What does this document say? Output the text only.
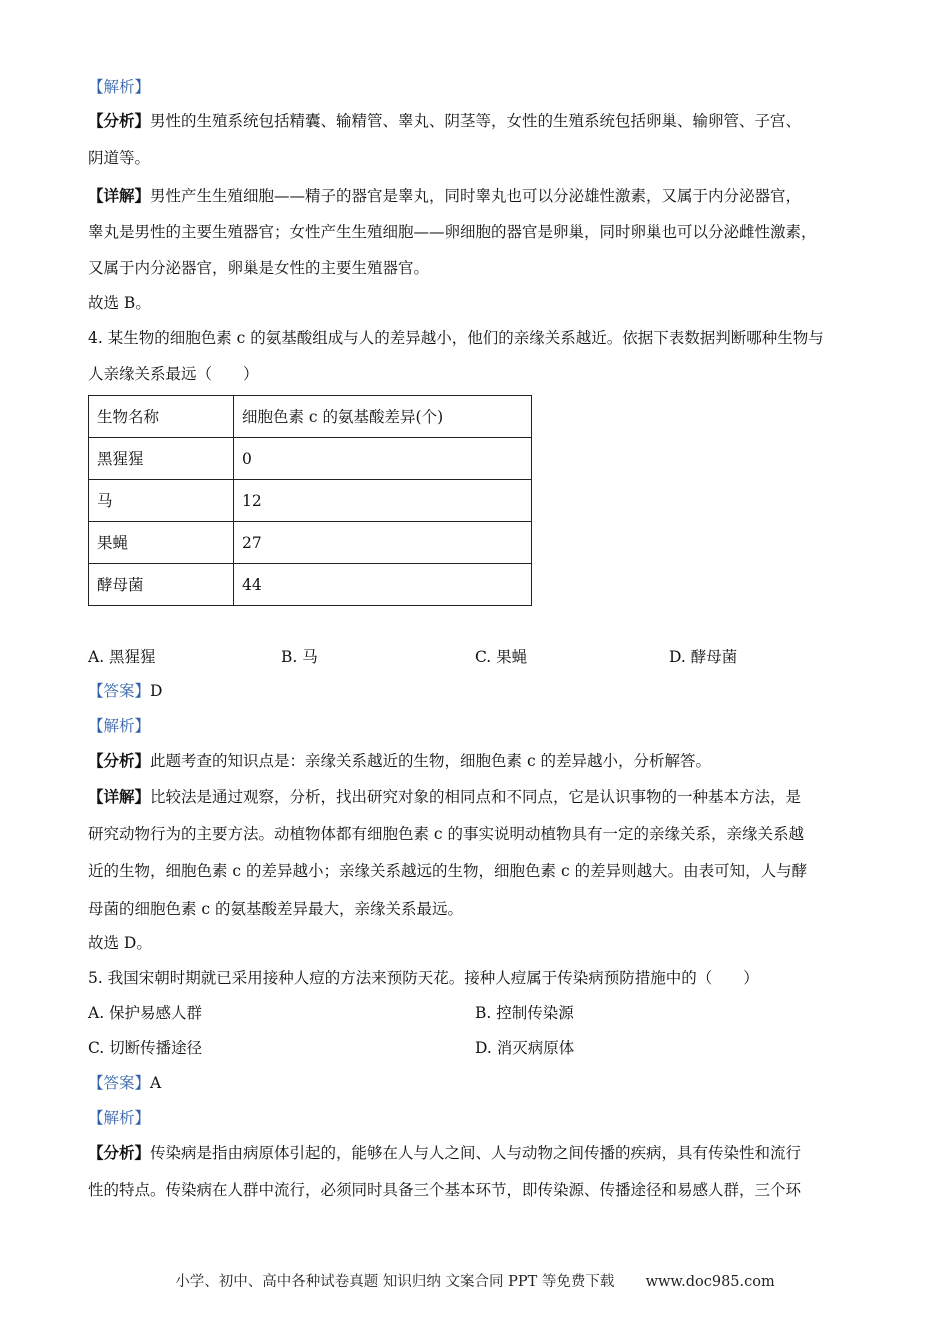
【解析】
【分析】男性的生殖系统包括精囊、输精管、睾丸、阴茎等，女性的生殖系统包括卵巢、输卵管、子宫、
阴道等。
【详解】男性产生生殖细胞——精子的器官是睾丸，同时睾丸也可以分泌雄性激素，又属于内分泌器官，
睾丸是男性的主要生殖器官；女性产生生殖细胞——卵细胞的器官是卵巢，同时卵巢也可以分泌雌性激素，
又属于内分泌器官，卵巢是女性的主要生殖器官。
故选 B。
4. 某生物的细胞色素 c 的氨基酸组成与人的差异越小，他们的亲缘关系越近。依据下表数据判断哪种生物与
人亲缘关系最远（　　）
生物名称	细胞色素 c 的氨基酸差异(个)
黑猩猩	0
马	12
果蝇	27
酵母菌	44
A. 黑猩猩	B. 马	C. 果蝇	D. 酵母菌
【答案】D
【解析】
【分析】此题考查的知识点是：亲缘关系越近的生物，细胞色素 c 的差异越小，分析解答。
【详解】比较法是通过观察，分析，找出研究对象的相同点和不同点，它是认识事物的一种基本方法，是
研究动物行为的主要方法。动植物体都有细胞色素 c 的事实说明动植物具有一定的亲缘关系，亲缘关系越
近的生物，细胞色素 c 的差异越小；亲缘关系越远的生物，细胞色素 c 的差异则越大。由表可知，人与酵
母菌的细胞色素 c 的氨基酸差异最大，亲缘关系最远。
故选 D。
5. 我国宋朝时期就已采用接种人痘的方法来预防天花。接种人痘属于传染病预防措施中的（　　）
A. 保护易感人群	B. 控制传染源
C. 切断传播途径	D. 消灭病原体
【答案】A
【解析】
【分析】传染病是指由病原体引起的，能够在人与人之间、人与动物之间传播的疾病，具有传染性和流行
性的特点。传染病在人群中流行，必须同时具备三个基本环节，即传染源、传播途径和易感人群，三个环
小学、初中、高中各种试卷真题 知识归纳 文案合同 PPT 等免费下载 www.doc985.com
